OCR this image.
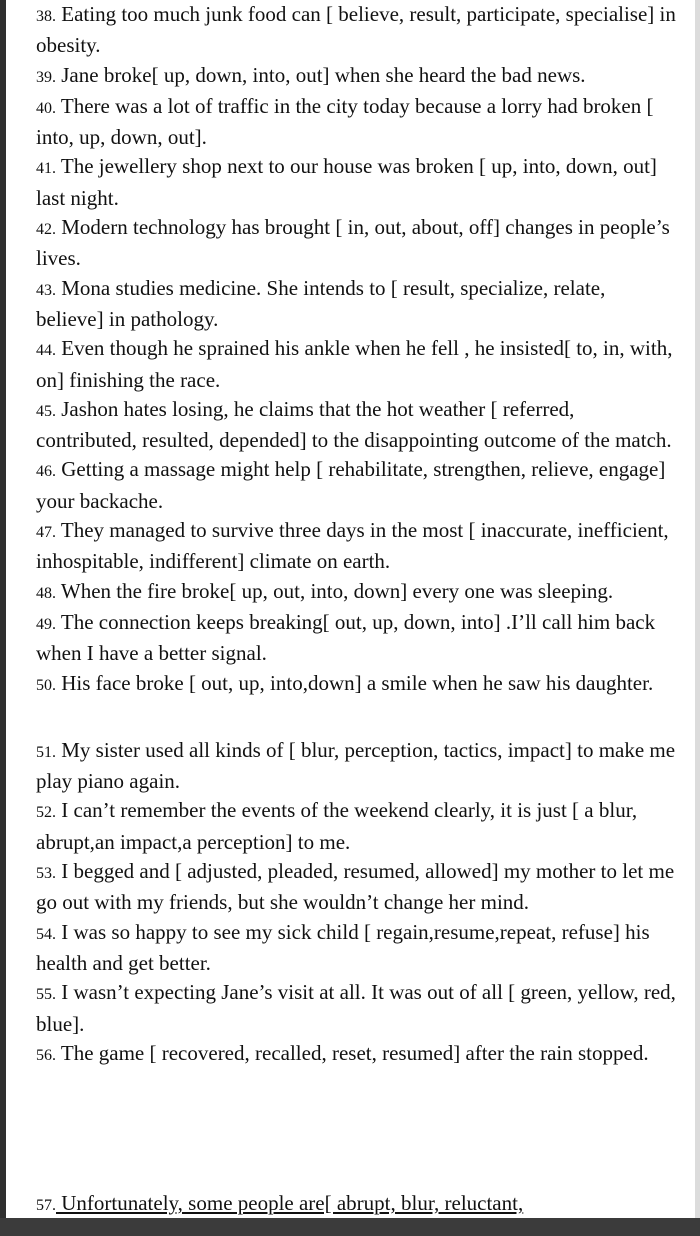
38. Eating too much junk food can [ believe, result, participate, specialise] in obesity.

39. Jane broke[ up, down, into, out] when she heard the bad news.

40. There was a lot of traffic in the city today because a lorry had broken [ into, up, down, out].

41. The jewellery shop next to our house was broken [ up, into, down, out] last night.

42. Modern technology has brought [ in, out, about, off] changes in people’s lives.

43. Mona studies medicine. She intends to [ result, specialize, relate, believe] in pathology.

44. Even though he sprained his ankle when he fell , he insisted[ to, in, with, on] finishing the race.

45. Jashon hates losing, he claims that the hot weather [ referred, contributed, resulted, depended] to the disappointing outcome of the match.

46. Getting a massage might help [ rehabilitate, strengthen, relieve, engage] your backache.

47. They managed to survive three days in the most [ inaccurate, inefficient, inhospitable, indifferent] climate on earth.

48. When the fire broke[ up, out, into, down] every one was sleeping.

49. The connection keeps breaking[ out, up, down, into] .I’ll call him back when I have a better signal.

50. His face broke [ out, up, into,down] a smile when he saw his daughter.

51. My sister used all kinds of [ blur, perception, tactics, impact] to make me play piano again.

52. I can’t remember the events of the weekend clearly, it is just [ a blur, abrupt,an impact,a perception] to me.

53. I begged and [ adjusted, pleaded, resumed, allowed] my mother to let me go out with my friends, but she wouldn’t change her mind.

54. I was so happy to see my sick child [ regain,resume,repeat, refuse] his health and get better.

55. I wasn’t expecting Jane’s visit at all. It was out of all [ green, yellow, red, blue].

56. The game [ recovered, recalled, reset, resumed] after the rain stopped.

57. Unfortunately, some people are[ abrupt, blur, reluctant,
